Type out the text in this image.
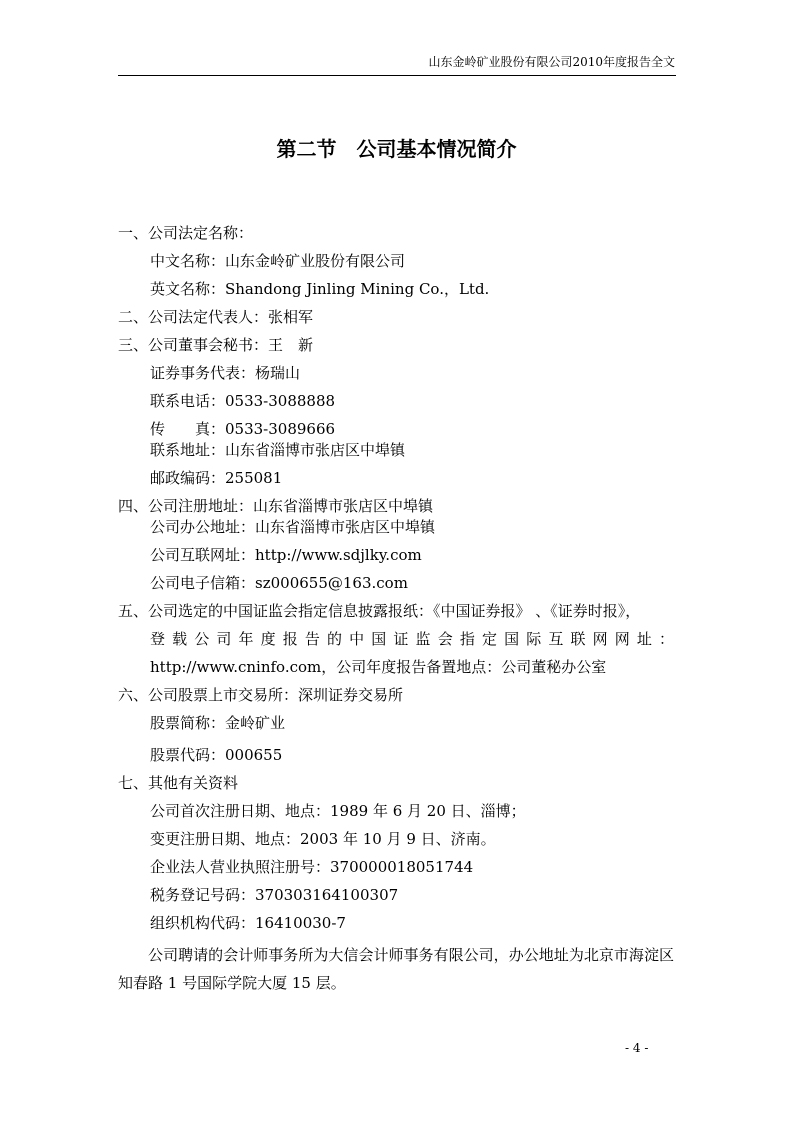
山东金岭矿业股份有限公司2010年度报告全文
第二节　公司基本情况简介
一、公司法定名称：
中文名称：山东金岭矿业股份有限公司
英文名称：Shandong Jinling Mining Co.，Ltd.
二、公司法定代表人：张相军
三、公司董事会秘书：王　新
证券事务代表：杨瑞山
联系电话：0533-3088888
传　　真：0533-3089666
联系地址：山东省淄博市张店区中埠镇
邮政编码：255081
四、公司注册地址：山东省淄博市张店区中埠镇
公司办公地址：山东省淄博市张店区中埠镇
公司互联网址：http://www.sdjlky.com
公司电子信箱：sz000655@163.com
五、公司选定的中国证监会指定信息披露报纸：《中国证券报》 、《证券时报》，
登载公司年度报告的中国证监会指定国际互联网网址：
http://www.cninfo.com，公司年度报告备置地点：公司董秘办公室
六、公司股票上市交易所：深圳证券交易所
股票简称：金岭矿业
股票代码：000655
七、其他有关资料
公司首次注册日期、地点：1989 年 6 月 20 日、淄博；
变更注册日期、地点：2003 年 10 月 9 日、济南。
企业法人营业执照注册号：370000018051744
税务登记号码：370303164100307
组织机构代码：16410030-7
　　公司聘请的会计师事务所为大信会计师事务有限公司，办公地址为北京市海淀区知春路 1 号国际学院大厦 15 层。
- 4 -
